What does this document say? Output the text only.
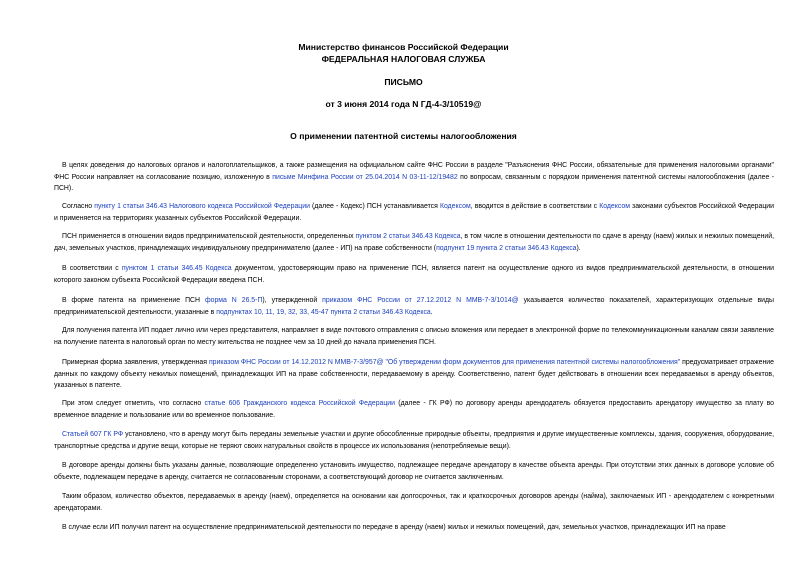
Министерство финансов Российской Федерации
ФЕДЕРАЛЬНАЯ НАЛОГОВАЯ СЛУЖБА
ПИСЬМО
от 3 июня 2014 года N ГД-4-3/10519@
О применении патентной системы налогообложения

В целях доведения до налоговых органов и налогоплательщиков, а также размещения на официальном сайте ФНС России в разделе "Разъяснения ФНС России, обязательные для применения налоговыми органами" ФНС России направляет на согласование позицию, изложенную в письме Минфина России от 25.04.2014 N 03-11-12/19482 по вопросам, связанным с порядком применения патентной системы налогообложения (далее - ПСН).

Согласно пункту 1 статьи 346.43 Налогового кодекса Российской Федерации (далее - Кодекс) ПСН устанавливается Кодексом, вводится в действие в соответствии с Кодексом законами субъектов Российской Федерации и применяется на территориях указанных субъектов Российской Федерации.

ПСН применяется в отношении видов предпринимательской деятельности, определенных пунктом 2 статьи 346.43 Кодекса, в том числе в отношении деятельности по сдаче в аренду (наем) жилых и нежилых помещений, дач, земельных участков, принадлежащих индивидуальному предпринимателю (далее - ИП) на праве собственности (подпункт 19 пункта 2 статьи 346.43 Кодекса).

В соответствии с пунктом 1 статьи 346.45 Кодекса документом, удостоверяющим право на применение ПСН, является патент на осуществление одного из видов предпринимательской деятельности, в отношении которого законом субъекта Российской Федерации введена ПСН.

В форме патента на применение ПСН форма N 26.5-П), утвержденной приказом ФНС России от 27.12.2012 N ММВ-7-3/1014@ указывается количество показателей, характеризующих отдельные виды предпринимательской деятельности, указанные в подпунктах 10, 11, 19, 32, 33, 45-47 пункта 2 статьи 346.43 Кодекса.

Для получения патента ИП подает лично или через представителя, направляет в виде почтового отправления с описью вложения или передает в электронной форме по телекоммуникационным каналам связи заявление на получение патента в налоговый орган по месту жительства не позднее чем за 10 дней до начала применения ПСН.

Примерная форма заявления, утвержденная приказом ФНС России от 14.12.2012 N ММВ-7-3/957@ "Об утверждении форм документов для применения патентной системы налогообложения" предусматривает отражение данных по каждому объекту нежилых помещений, принадлежащих ИП на праве собственности, передаваемому в аренду. Соответственно, патент будет действовать в отношении всех передаваемых в аренду объектов, указанных в патенте.

При этом следует отметить, что согласно статье 606 Гражданского кодекса Российской Федерации (далее - ГК РФ) по договору аренды арендодатель обязуется предоставить арендатору имущество за плату во временное владение и пользование или во временное пользование.

Статьей 607 ГК РФ установлено, что в аренду могут быть переданы земельные участки и другие обособленные природные объекты, предприятия и другие имущественные комплексы, здания, сооружения, оборудование, транспортные средства и другие вещи, которые не теряют своих натуральных свойств в процессе их использования (непотребляемые вещи).

В договоре аренды должны быть указаны данные, позволяющие определенно установить имущество, подлежащее передаче арендатору в качестве объекта аренды. При отсутствии этих данных в договоре условие об объекте, подлежащем передаче в аренду, считается не согласованным сторонами, а соответствующий договор не считается заключенным.

Таким образом, количество объектов, передаваемых в аренду (наем), определяется на основании как долгосрочных, так и краткосрочных договоров аренды (найма), заключаемых ИП - арендодателем с конкретными арендаторами.

В случае если ИП получил патент на осуществление предпринимательской деятельности по передаче в аренду (наем) жилых и нежилых помещений, дач, земельных участков, принадлежащих ИП на праве
